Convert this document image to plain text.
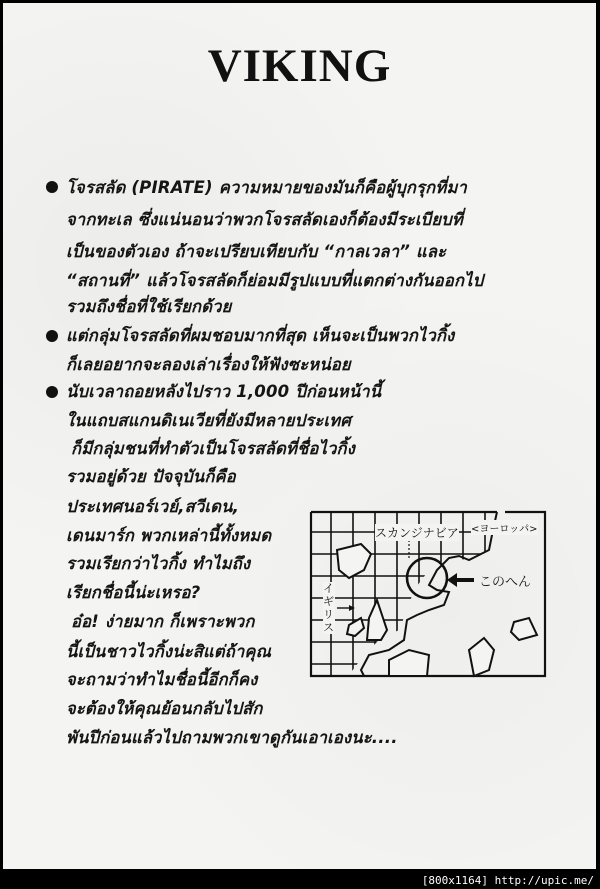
VIKING
โจรสลัด (PIRATE) ความหมายของมันก็คือผู้บุกรุกที่มา
จากทะเล ซึ่งแน่นอนว่าพวกโจรสลัดเองก็ต้องมีระเบียบที่
เป็นของตัวเอง ถ้าจะเปรียบเทียบกับ “กาลเวลา” และ
“สถานที่” แล้วโจรสลัดก็ย่อมมีรูปแบบที่แตกต่างกันออกไป
รวมถึงชื่อที่ใช้เรียกด้วย
แต่กลุ่มโจรสลัดที่ผมชอบมากที่สุด เห็นจะเป็นพวกไวกิ้ง
ก็เลยอยากจะลองเล่าเรื่องให้ฟังซะหน่อย
นับเวลาถอยหลังไปราว 1,000 ปีก่อนหน้านี้
ในแถบสแกนดิเนเวียที่ยังมีหลายประเทศ
ก็มีกลุ่มชนที่ทำตัวเป็นโจรสลัดที่ชื่อไวกิ้ง
รวมอยู่ด้วย ปัจจุบันก็คือ
ประเทศนอร์เวย์,สวีเดน,
เดนมาร์ก พวกเหล่านี้ทั้งหมด
รวมเรียกว่าไวกิ้ง ทำไมถึง
เรียกชื่อนี้น่ะเหรอ?
อ๋อ! ง่ายมาก ก็เพราะพวก
นี้เป็นชาวไวกิ้งน่ะสิแต่ถ้าคุณ
จะถามว่าทำไมชื่อนี้อีกก็คง
จะต้องให้คุณย้อนกลับไปสัก
พันปีก่อนแล้วไปถามพวกเขาดูกันเอาเองนะ....
スカンジナビア <ヨーロッパ>
このへん
イギリス
[800x1164] http://upic.me/
